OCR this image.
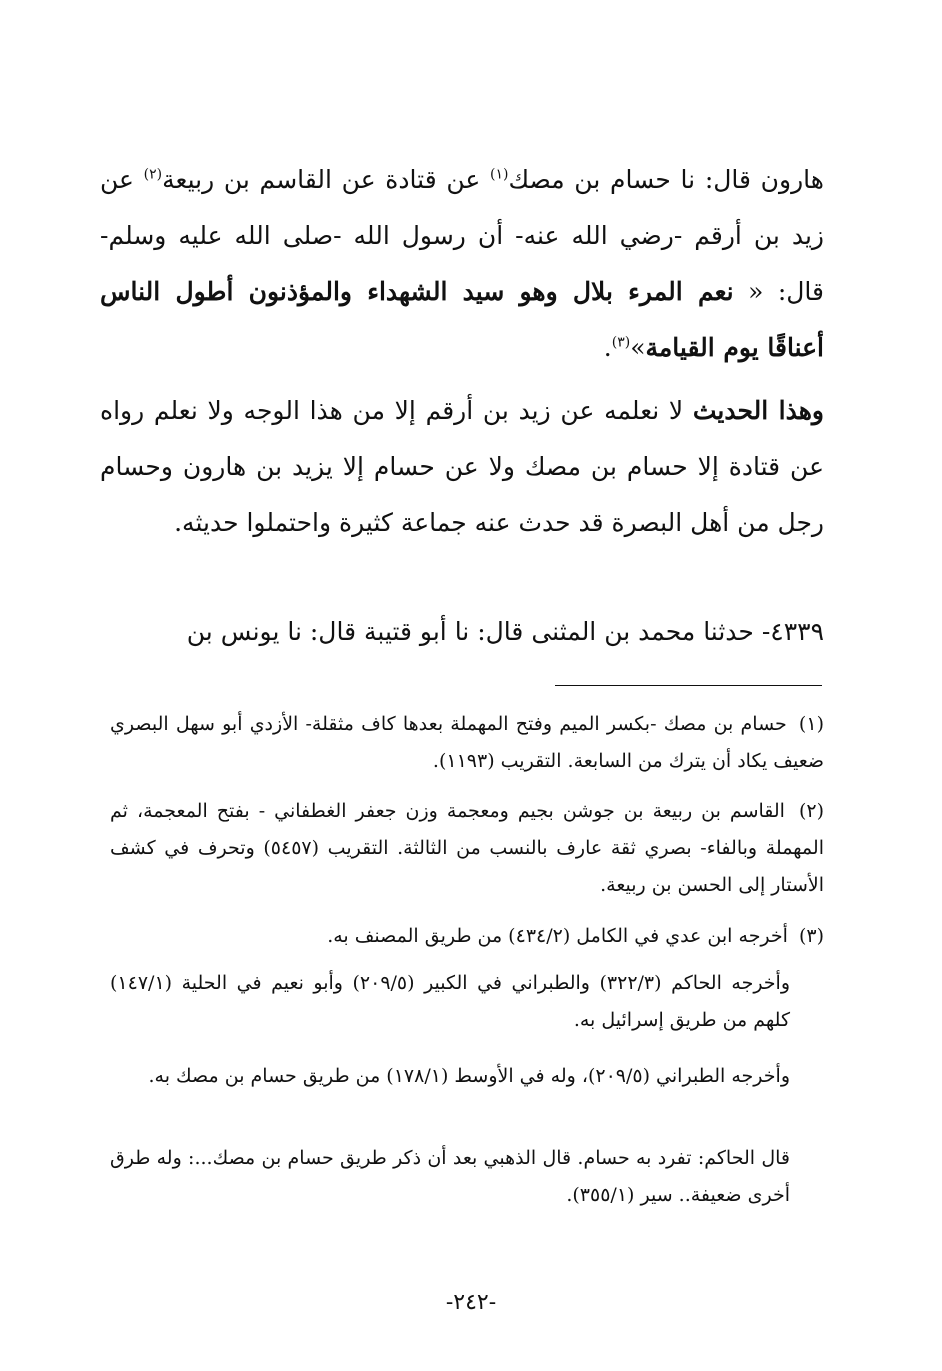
هارون قال: نا حسام بن مصك$^{(١)}$ عن قتادة عن القاسم بن ربيعة$^{(٢)}$ عن زيد بن أرقم -رضي الله عنه- أن رسول الله -صلى الله عليه وسلم- قال: « نعم المرء بلال وهو سيد الشهداء والمؤذنون أطول الناس أعناقًا يوم القيامة»$^{(٣)}$.
وهذا الحديث لا نعلمه عن زيد بن أرقم إلا من هذا الوجه ولا نعلم رواه عن قتادة إلا حسام بن مصك ولا عن حسام إلا يزيد بن هارون وحسام رجل من أهل البصرة قد حدث عنه جماعة كثيرة واحتملوا حديثه.
٤٣٣٩- حدثنا محمد بن المثنى قال: نا أبو قتيبة قال: نا يونس بن
(١) حسام بن مصك -بكسر الميم وفتح المهملة بعدها كاف مثقلة- الأزدي أبو سهل البصري ضعيف يكاد أن يترك من السابعة. التقريب (١١٩٣).
(٢) القاسم بن ربيعة بن جوشن بجيم ومعجمة وزن جعفر الغطفاني - بفتح المعجمة، ثم المهملة وبالفاء- بصري ثقة عارف بالنسب من الثالثة. التقريب (٥٤٥٧) وتحرف في كشف الأستار إلى الحسن بن ربيعة.
(٣) أخرجه ابن عدي في الكامل (٤٣٤/٢) من طريق المصنف به.
وأخرجه الحاكم (٣٢٢/٣) والطبراني في الكبير (٢٠٩/٥) وأبو نعيم في الحلية (١٤٧/١) كلهم من طريق إسرائيل به.
وأخرجه الطبراني (٢٠٩/٥)، وله في الأوسط (١٧٨/١) من طريق حسام بن مصك به.
قال الحاكم: تفرد به حسام. قال الذهبي بعد أن ذكر طريق حسام بن مصك...: وله طرق أخرى ضعيفة.. سير (٣٥٥/١).
-٢٤٢-
